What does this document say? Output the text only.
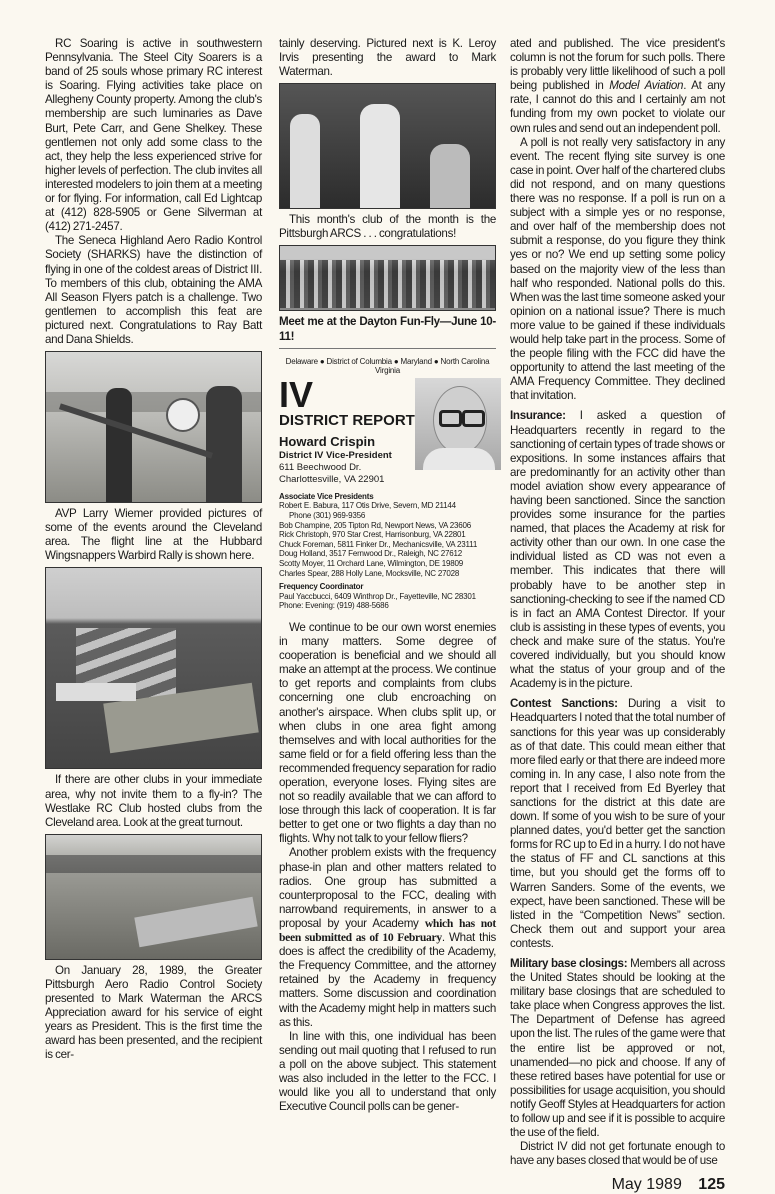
RC Soaring is active in southwestern Pennsylvania. The Steel City Soarers is a band of 25 souls whose primary RC interest is Soaring. Flying activities take place on Allegheny County property. Among the club's membership are such luminaries as Dave Burt, Pete Carr, and Gene Shelkey. These gentlemen not only add some class to the act, they help the less experienced strive for higher levels of perfection. The club invites all interested modelers to join them at a meeting or for flying. For information, call Ed Lightcap at (412) 828-5905 or Gene Silverman at (412) 271-2457.

The Seneca Highland Aero Radio Kontrol Society (SHARKS) have the distinction of flying in one of the coldest areas of District III. To members of this club, obtaining the AMA All Season Flyers patch is a challenge. Two gentlemen to accomplish this feat are pictured next. Congratulations to Ray Batt and Dana Shields.

AVP Larry Wiemer provided pictures of some of the events around the Cleveland area. The flight line at the Hubbard Wingsnappers Warbird Rally is shown here.

If there are other clubs in your immediate area, why not invite them to a fly-in? The Westlake RC Club hosted clubs from the Cleveland area. Look at the great turnout.

On January 28, 1989, the Greater Pittsburgh Aero Radio Control Society presented to Mark Waterman the ARCS Appreciation award for his service of eight years as President. This is the first time the award has been presented, and the recipient is cer-

tainly deserving. Pictured next is K. Leroy Irvis presenting the award to Mark Waterman.

This month's club of the month is the Pittsburgh ARCS . . . congratulations!

Meet me at the Dayton Fun-Fly—June 10-11!

Delaware ● District of Columbia ● Maryland ● North Carolina
Virginia
IV
DISTRICT REPORT
Howard Crispin
District IV Vice-President
611 Beechwood Dr.
Charlottesville, VA 22901
Associate Vice Presidents
Robert E. Babura, 117 Otis Drive, Severn, MD 21144
Phone (301) 969-9356
Bob Champine, 205 Tipton Rd, Newport News, VA 23606
Rick Christoph, 970 Star Crest, Harrisonburg, VA 22801
Chuck Foreman, 5811 Finker Dr., Mechanicsville, VA 23111
Doug Holland, 3517 Fernwood Dr., Raleigh, NC 27612
Scotty Moyer, 11 Orchard Lane, Wilmington, DE 19809
Charles Spear, 288 Holly Lane, Mocksville, NC 27028
Frequency Coordinator
Paul Yaccbucci, 6409 Winthrop Dr., Fayetteville, NC 28301
Phone: Evening: (919) 488-5686

We continue to be our own worst enemies in many matters. Some degree of cooperation is beneficial and we should all make an attempt at the process. We continue to get reports and complaints from clubs concerning one club encroaching on another's airspace. When clubs split up, or when clubs in one area fight among themselves and with local authorities for the same field or for a field offering less than the recommended frequency separation for radio operation, everyone loses. Flying sites are not so readily available that we can afford to lose through this lack of cooperation. It is far better to get one or two flights a day than no flights. Why not talk to your fellow fliers?

Another problem exists with the frequency phase-in plan and other matters related to radios. One group has submitted a counterproposal to the FCC, dealing with narrowband requirements, in answer to a proposal by your Academy which has not been submitted as of 10 February. What this does is affect the credibility of the Academy, the Frequency Committee, and the attorney retained by the Academy in frequency matters. Some discussion and coordination with the Academy might help in matters such as this.

In line with this, one individual has been sending out mail quoting that I refused to run a poll on the above subject. This statement was also included in the letter to the FCC. I would like you all to understand that only Executive Council polls can be gener-

ated and published. The vice president's column is not the forum for such polls. There is probably very little likelihood of such a poll being published in Model Aviation. At any rate, I cannot do this and I certainly am not funding from my own pocket to violate our own rules and send out an independent poll.

A poll is not really very satisfactory in any event. The recent flying site survey is one case in point. Over half of the chartered clubs did not respond, and on many questions there was no response. If a poll is run on a subject with a simple yes or no response, and over half of the membership does not submit a response, do you figure they think yes or no? We end up setting some policy based on the majority view of the less than half who responded. National polls do this. When was the last time someone asked your opinion on a national issue? There is much more value to be gained if these individuals would help take part in the process. Some of the people filing with the FCC did have the opportunity to attend the last meeting of the AMA Frequency Committee. They declined that invitation.

Insurance: I asked a question of Headquarters recently in regard to the sanctioning of certain types of trade shows or expositions. In some instances affairs that are predominantly for an activity other than model aviation show every appearance of having been sanctioned. Since the sanction provides some insurance for the parties named, that places the Academy at risk for activity other than our own. In one case the individual listed as CD was not even a member. This indicates that there will probably have to be another step in sanctioning-checking to see if the named CD is in fact an AMA Contest Director. If your club is assisting in these types of events, you check and make sure of the status. You're covered individually, but you should know what the status of your group and of the Academy is in the picture.

Contest Sanctions: During a visit to Headquarters I noted that the total number of sanctions for this year was up considerably as of that date. This could mean either that more filed early or that there are indeed more coming in. In any case, I also note from the report that I received from Ed Byerley that sanctions for the district at this date are down. If some of you wish to be sure of your planned dates, you'd better get the sanction forms for RC up to Ed in a hurry. I do not have the status of FF and CL sanctions at this time, but you should get the forms off to Warren Sanders. Some of the events, we expect, have been sanctioned. These will be listed in the “Competition News” section. Check them out and support your area contests.

Military base closings: Members all across the United States should be looking at the military base closings that are scheduled to take place when Congress approves the list. The Department of Defense has agreed upon the list. The rules of the game were that the entire list be approved or not, unamended—no pick and choose. If any of these retired bases have potential for use or possibilities for usage acquisition, you should notify Geoff Styles at Headquarters for action to follow up and see if it is possible to acquire the use of the field.

District IV did not get fortunate enough to have any bases closed that would be of use

May 1989 125
